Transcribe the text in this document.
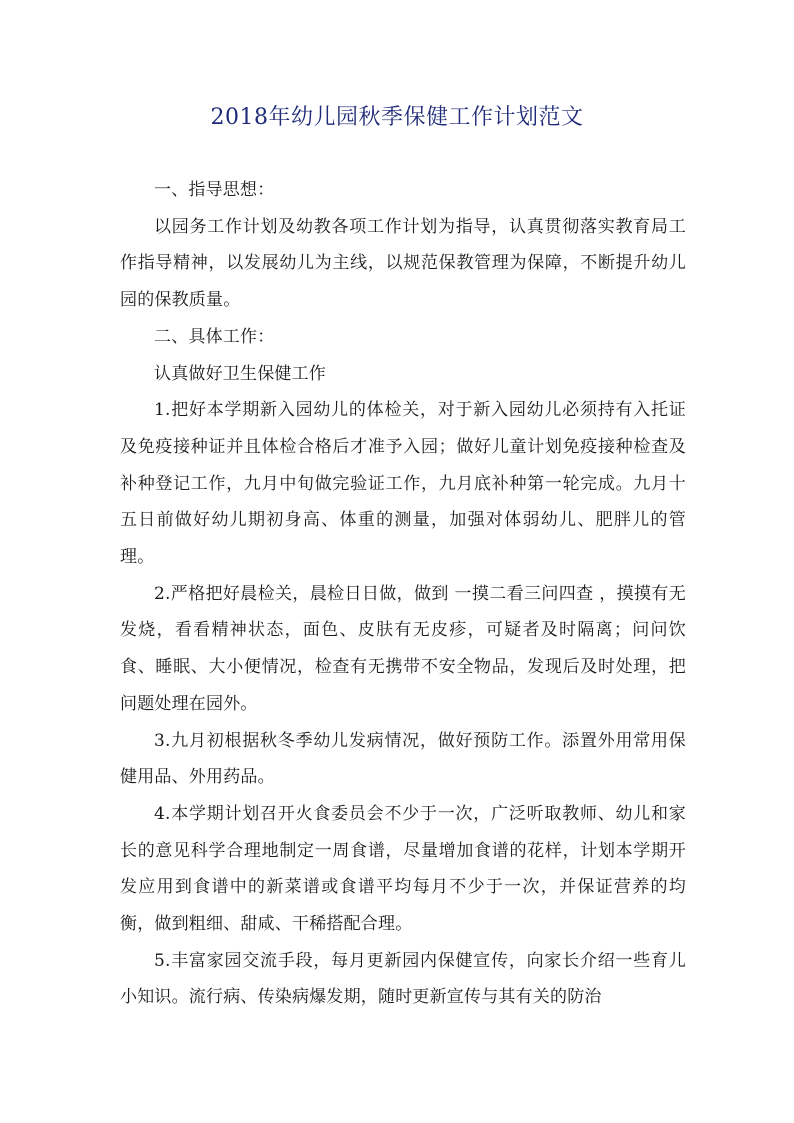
2018年幼儿园秋季保健工作计划范文

一、指导思想：

以园务工作计划及幼教各项工作计划为指导，认真贯彻落实教育局工作指导精神，以发展幼儿为主线，以规范保教管理为保障，不断提升幼儿园的保教质量。

二、具体工作：

认真做好卫生保健工作

1.把好本学期新入园幼儿的体检关，对于新入园幼儿必须持有入托证及免疫接种证并且体检合格后才准予入园；做好儿童计划免疫接种检查及补种登记工作，九月中旬做完验证工作，九月底补种第一轮完成。九月十五日前做好幼儿期初身高、体重的测量，加强对体弱幼儿、肥胖儿的管理。

2.严格把好晨检关，晨检日日做，做到 一摸二看三问四查 ，摸摸有无发烧，看看精神状态，面色、皮肤有无皮疹，可疑者及时隔离；问问饮食、睡眠、大小便情况，检查有无携带不安全物品，发现后及时处理，把问题处理在园外。

3.九月初根据秋冬季幼儿发病情况，做好预防工作。添置外用常用保健用品、外用药品。

4.本学期计划召开火食委员会不少于一次，广泛听取教师、幼儿和家长的意见科学合理地制定一周食谱，尽量增加食谱的花样，计划本学期开发应用到食谱中的新菜谱或食谱平均每月不少于一次，并保证营养的均衡，做到粗细、甜咸、干稀搭配合理。

5.丰富家园交流手段，每月更新园内保健宣传，向家长介绍一些育儿小知识。流行病、传染病爆发期，随时更新宣传与其有关的防治
